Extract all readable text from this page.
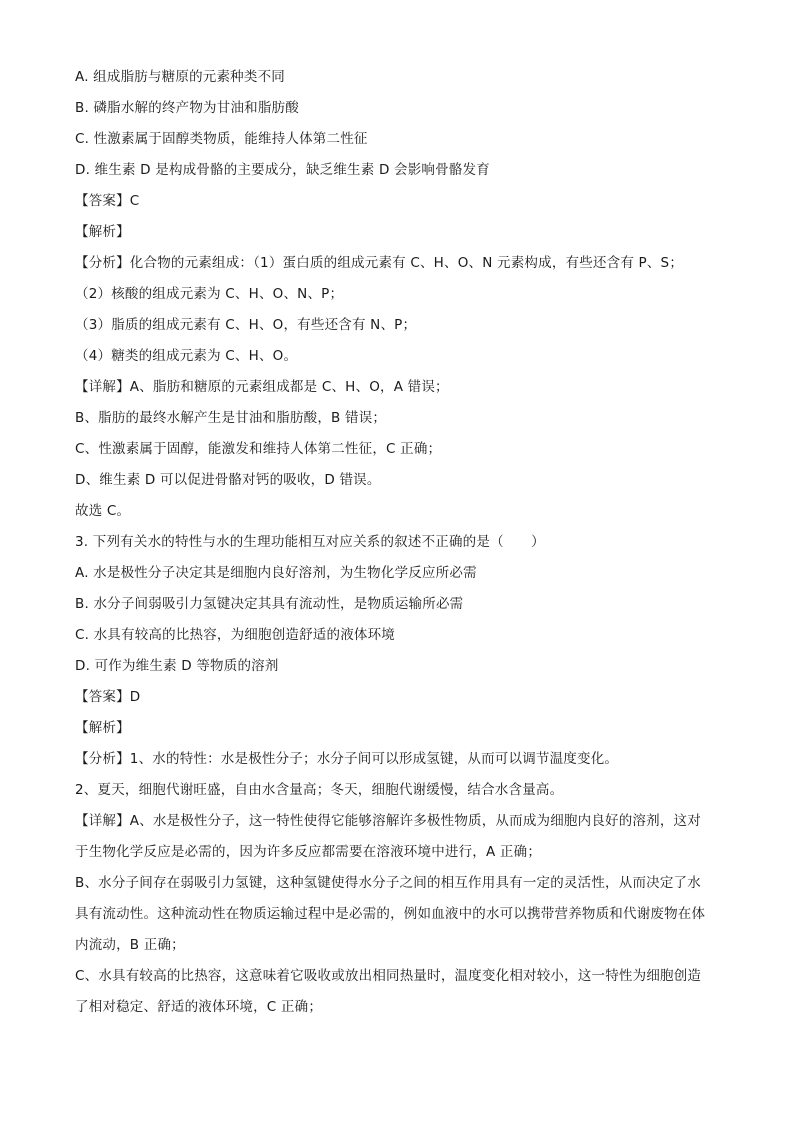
A. 组成脂肪与糖原的元素种类不同
B. 磷脂水解的终产物为甘油和脂肪酸
C. 性激素属于固醇类物质，能维持人体第二性征
D. 维生素 D 是构成骨骼的主要成分，缺乏维生素 D 会影响骨骼发育
【答案】C
【解析】
【分析】化合物的元素组成：（1）蛋白质的组成元素有 C、H、O、N 元素构成，有些还含有 P、S；
（2）核酸的组成元素为 C、H、O、N、P；
（3）脂质的组成元素有 C、H、O，有些还含有 N、P；
（4）糖类的组成元素为 C、H、O。
【详解】A、脂肪和糖原的元素组成都是 C、H、O，A 错误；
B、脂肪的最终水解产生是甘油和脂肪酸，B 错误；
C、性激素属于固醇，能激发和维持人体第二性征，C 正确；
D、维生素 D 可以促进骨骼对钙的吸收，D 错误。
故选 C。
3. 下列有关水的特性与水的生理功能相互对应关系的叙述不正确的是（　　）
A. 水是极性分子决定其是细胞内良好溶剂，为生物化学反应所必需
B. 水分子间弱吸引力氢键决定其具有流动性，是物质运输所必需
C. 水具有较高的比热容，为细胞创造舒适的液体环境
D. 可作为维生素 D 等物质的溶剂
【答案】D
【解析】
【分析】1、水的特性：水是极性分子；水分子间可以形成氢键，从而可以调节温度变化。
2、夏天，细胞代谢旺盛，自由水含量高；冬天，细胞代谢缓慢，结合水含量高。
【详解】A、水是极性分子，这一特性使得它能够溶解许多极性物质，从而成为细胞内良好的溶剂，这对
于生物化学反应是必需的，因为许多反应都需要在溶液环境中进行，A 正确；
B、水分子间存在弱吸引力氢键，这种氢键使得水分子之间的相互作用具有一定的灵活性，从而决定了水
具有流动性。这种流动性在物质运输过程中是必需的，例如血液中的水可以携带营养物质和代谢废物在体
内流动，B 正确；
C、水具有较高的比热容，这意味着它吸收或放出相同热量时，温度变化相对较小，这一特性为细胞创造
了相对稳定、舒适的液体环境，C 正确；
